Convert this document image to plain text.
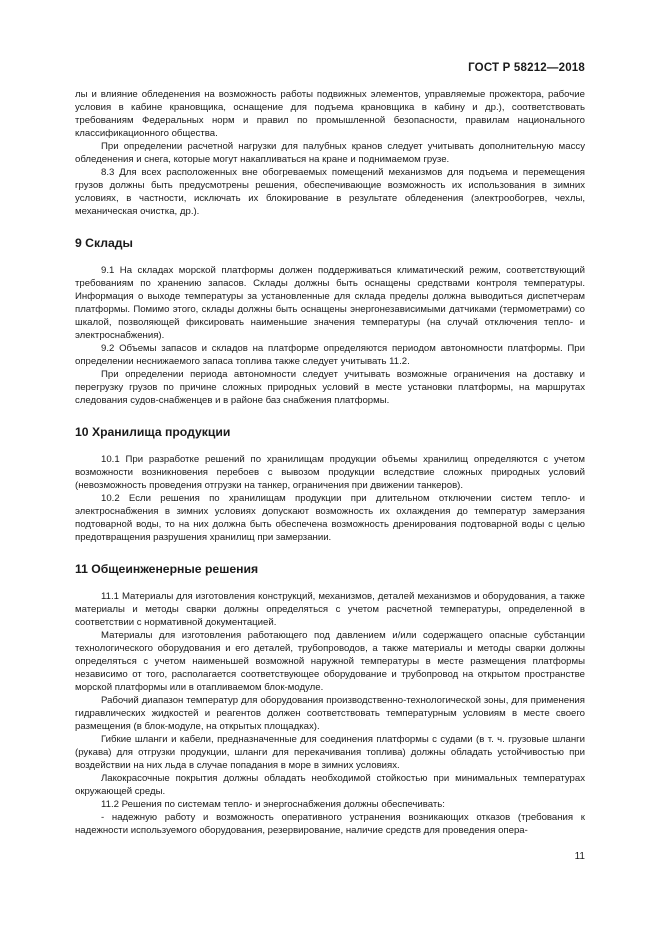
ГОСТ Р 58212—2018

лы и влияние обледенения на возможность работы подвижных элементов, управляемые прожектора, рабочие условия в кабине крановщика, оснащение для подъема крановщика в кабину и др.), соответствовать требованиям Федеральных норм и правил по промышленной безопасности, правилам национального классификационного общества.

При определении расчетной нагрузки для палубных кранов следует учитывать дополнительную массу обледенения и снега, которые могут накапливаться на кране и поднимаемом грузе.

8.3 Для всех расположенных вне обогреваемых помещений механизмов для подъема и перемещения грузов должны быть предусмотрены решения, обеспечивающие возможность их использования в зимних условиях, в частности, исключать их блокирование в результате обледенения (электрообогрев, чехлы, механическая очистка, др.).

9 Склады

9.1 На складах морской платформы должен поддерживаться климатический режим, соответствующий требованиям по хранению запасов. Склады должны быть оснащены средствами контроля температуры. Информация о выходе температуры за установленные для склада пределы должна выводиться диспетчерам платформы. Помимо этого, склады должны быть оснащены энергонезависимыми датчиками (термометрами) со шкалой, позволяющей фиксировать наименьшие значения температуры (на случай отключения тепло- и электроснабжения).

9.2 Объемы запасов и складов на платформе определяются периодом автономности платформы. При определении неснижаемого запаса топлива также следует учитывать 11.2.

При определении периода автономности следует учитывать возможные ограничения на доставку и перегрузку грузов по причине сложных природных условий в месте установки платформы, на маршрутах следования судов-снабженцев и в районе баз снабжения платформы.

10 Хранилища продукции

10.1 При разработке решений по хранилищам продукции объемы хранилищ определяются с учетом возможности возникновения перебоев с вывозом продукции вследствие сложных природных условий (невозможность проведения отгрузки на танкер, ограничения при движении танкеров).

10.2 Если решения по хранилищам продукции при длительном отключении систем тепло- и электроснабжения в зимних условиях допускают возможность их охлаждения до температур замерзания подтоварной воды, то на них должна быть обеспечена возможность дренирования подтоварной воды с целью предотвращения разрушения хранилищ при замерзании.

11 Общеинженерные решения

11.1 Материалы для изготовления конструкций, механизмов, деталей механизмов и оборудования, а также материалы и методы сварки должны определяться с учетом расчетной температуры, определенной в соответствии с нормативной документацией.

Материалы для изготовления работающего под давлением и/или содержащего опасные субстанции технологического оборудования и его деталей, трубопроводов, а также материалы и методы сварки должны определяться с учетом наименьшей возможной наружной температуры в месте размещения платформы независимо от того, располагается соответствующее оборудование и трубопровод на открытом пространстве морской платформы или в отапливаемом блок-модуле.

Рабочий диапазон температур для оборудования производственно-технологической зоны, для применения гидравлических жидкостей и реагентов должен соответствовать температурным условиям в месте своего размещения (в блок-модуле, на открытых площадках).

Гибкие шланги и кабели, предназначенные для соединения платформы с судами (в т. ч. грузовые шланги (рукава) для отгрузки продукции, шланги для перекачивания топлива) должны обладать устойчивостью при воздействии на них льда в случае попадания в море в зимних условиях.

Лакокрасочные покрытия должны обладать необходимой стойкостью при минимальных температурах окружающей среды.

11.2 Решения по системам тепло- и энергоснабжения должны обеспечивать:

- надежную работу и возможность оперативного устранения возникающих отказов (требования к надежности используемого оборудования, резервирование, наличие средств для проведения опера-

11
